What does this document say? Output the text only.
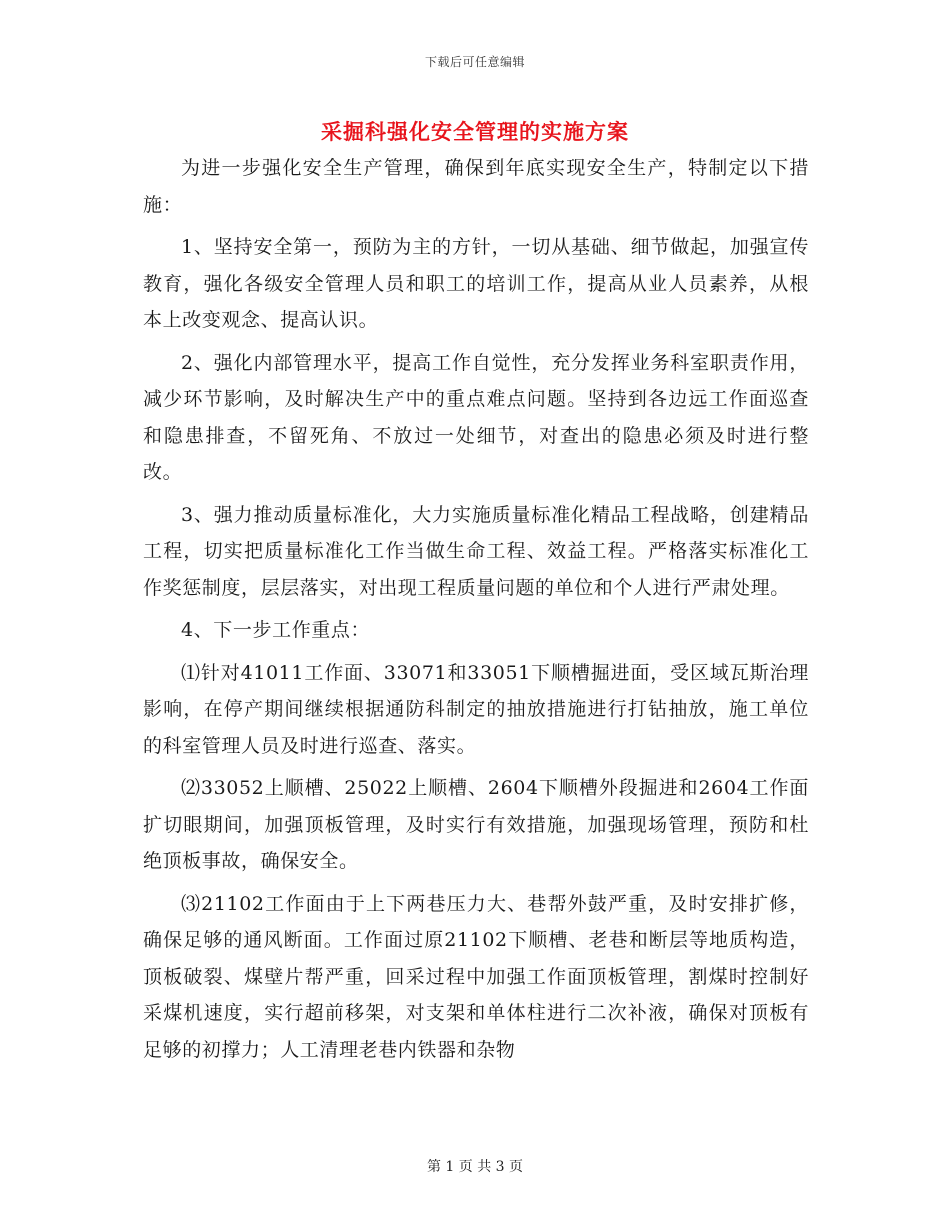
下载后可任意编辑
采掘科强化安全管理的实施方案

为进一步强化安全生产管理，确保到年底实现安全生产，特制定以下措施：

1、坚持安全第一，预防为主的方针，一切从基础、细节做起，加强宣传教育，强化各级安全管理人员和职工的培训工作，提高从业人员素养，从根本上改变观念、提高认识。

2、强化内部管理水平，提高工作自觉性，充分发挥业务科室职责作用，减少环节影响，及时解决生产中的重点难点问题。坚持到各边远工作面巡查和隐患排查，不留死角、不放过一处细节，对查出的隐患必须及时进行整改。

3、强力推动质量标准化，大力实施质量标准化精品工程战略，创建精品工程，切实把质量标准化工作当做生命工程、效益工程。严格落实标准化工作奖惩制度，层层落实，对出现工程质量问题的单位和个人进行严肃处理。

4、下一步工作重点：

⑴针对41011工作面、33071和33051下顺槽掘进面，受区域瓦斯治理影响，在停产期间继续根据通防科制定的抽放措施进行打钻抽放，施工单位的科室管理人员及时进行巡查、落实。

⑵33052上顺槽、25022上顺槽、2604下顺槽外段掘进和2604工作面扩切眼期间，加强顶板管理，及时实行有效措施，加强现场管理，预防和杜绝顶板事故，确保安全。

⑶21102工作面由于上下两巷压力大、巷帮外鼓严重，及时安排扩修，确保足够的通风断面。工作面过原21102下顺槽、老巷和断层等地质构造，顶板破裂、煤壁片帮严重，回采过程中加强工作面顶板管理，割煤时控制好采煤机速度，实行超前移架，对支架和单体柱进行二次补液，确保对顶板有足够的初撑力；人工清理老巷内铁器和杂物

第 1 页 共 3 页
